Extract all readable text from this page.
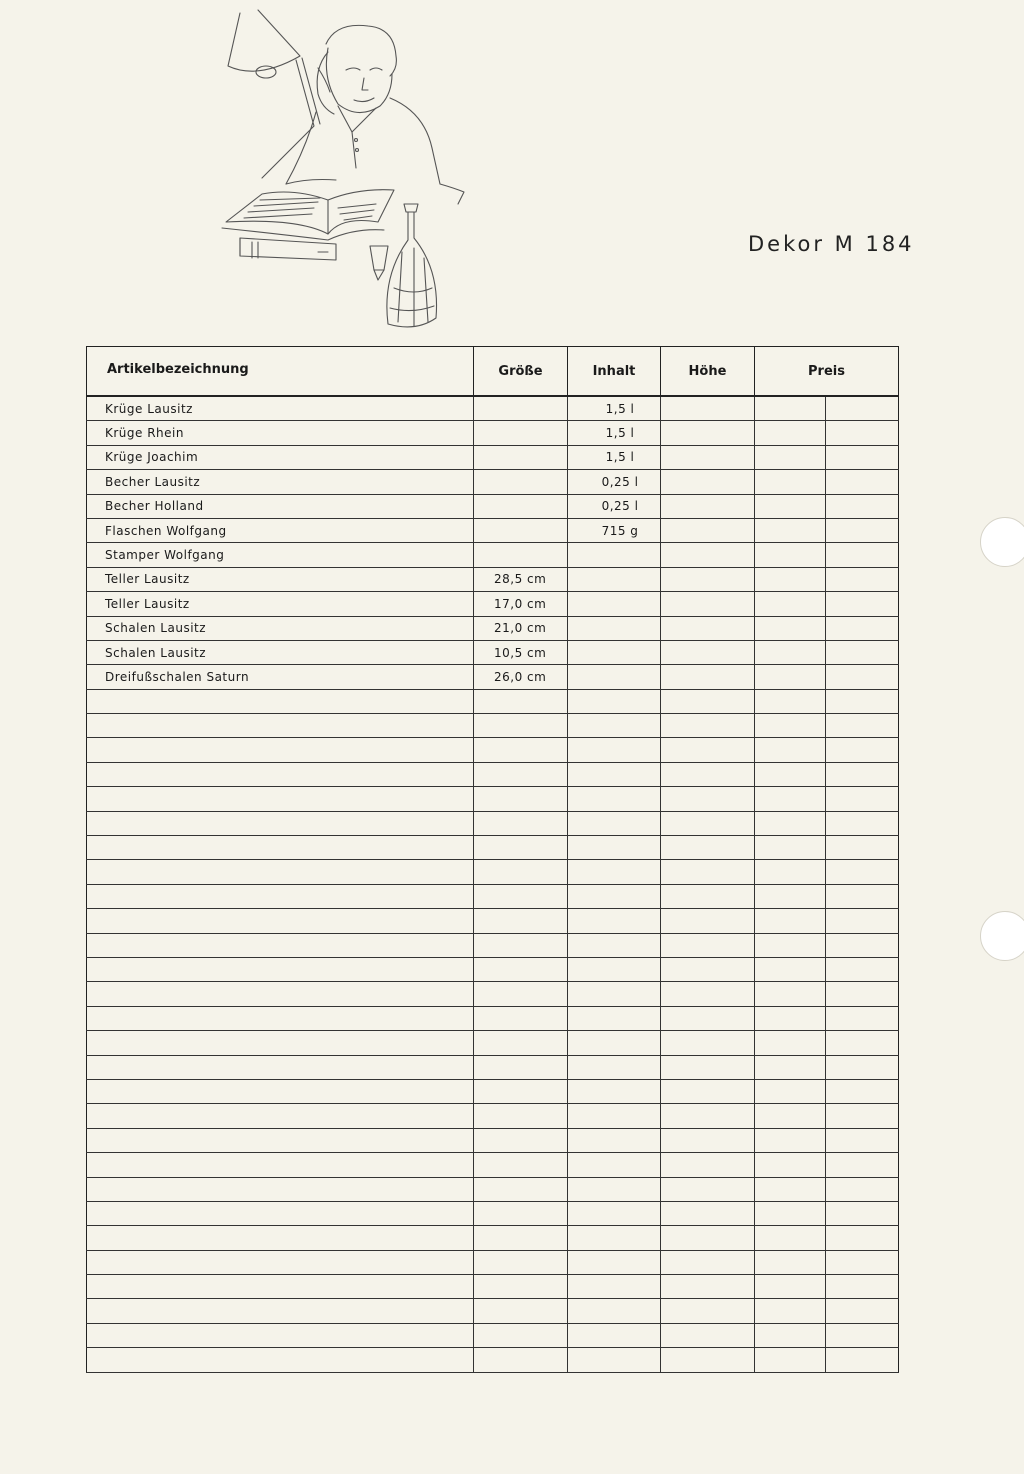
Dekor M 184
Artikelbezeichnung	Größe	Inhalt	Höhe	Preis	
Krüge Lausitz		1,5 l			
Krüge Rhein		1,5 l			
Krüge Joachim		1,5 l			
Becher Lausitz		0,25 l			
Becher Holland		0,25 l			
Flaschen Wolfgang		715 g			
Stamper Wolfgang					
Teller Lausitz	28,5 cm				
Teller Lausitz	17,0 cm				
Schalen Lausitz	21,0 cm				
Schalen Lausitz	10,5 cm				
Dreifußschalen Saturn	26,0 cm				
